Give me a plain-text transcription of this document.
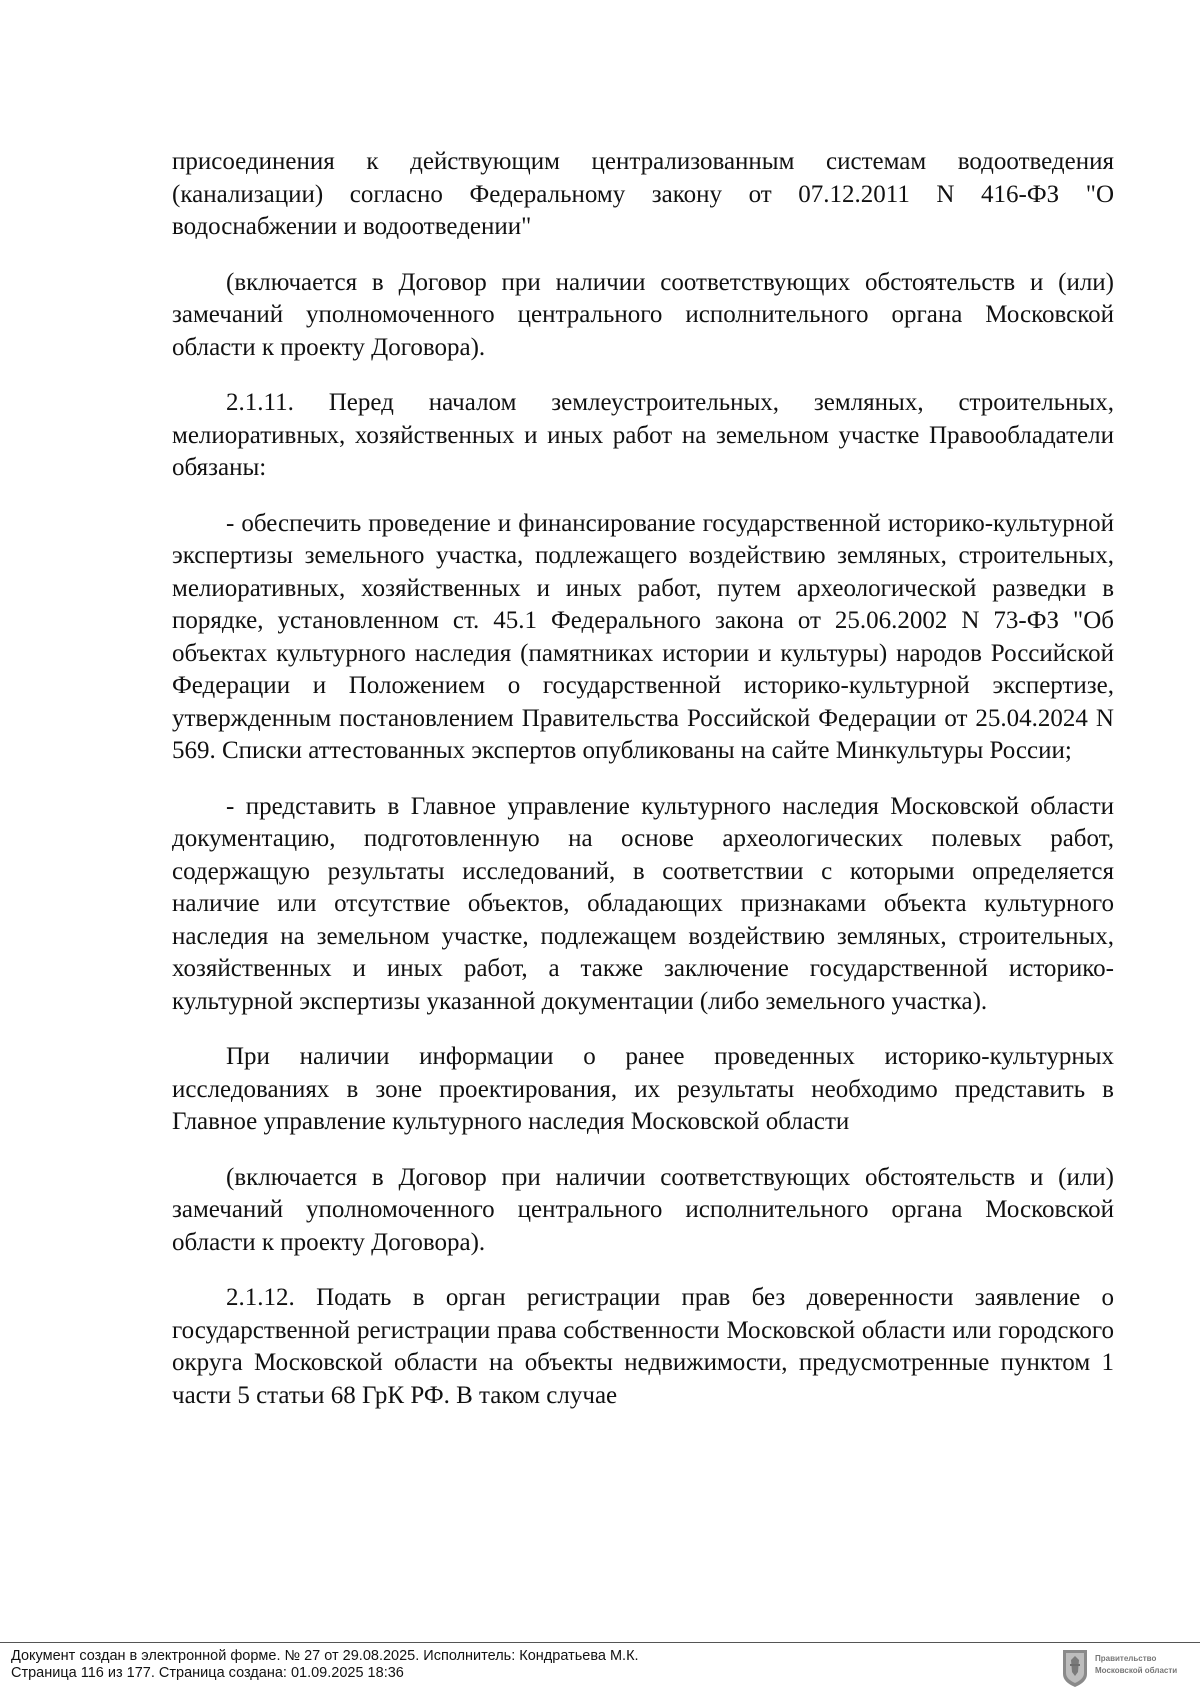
присоединения к действующим централизованным системам водоотведения (канализации) согласно Федеральному закону от 07.12.2011 N 416-ФЗ "О водоснабжении и водоотведении"

(включается в Договор при наличии соответствующих обстоятельств и (или) замечаний уполномоченного центрального исполнительного органа Московской области к проекту Договора).

2.1.11. Перед началом землеустроительных, земляных, строительных, мелиоративных, хозяйственных и иных работ на земельном участке Правообладатели обязаны:

- обеспечить проведение и финансирование государственной историко-культурной экспертизы земельного участка, подлежащего воздействию земляных, строительных, мелиоративных, хозяйственных и иных работ, путем археологической разведки в порядке, установленном ст. 45.1 Федерального закона от 25.06.2002 N 73-ФЗ "Об объектах культурного наследия (памятниках истории и культуры) народов Российской Федерации и Положением о государственной историко-культурной экспертизе, утвержденным постановлением Правительства Российской Федерации от 25.04.2024 N 569. Списки аттестованных экспертов опубликованы на сайте Минкультуры России;

- представить в Главное управление культурного наследия Московской области документацию, подготовленную на основе археологических полевых работ, содержащую результаты исследований, в соответствии с которыми определяется наличие или отсутствие объектов, обладающих признаками объекта культурного наследия на земельном участке, подлежащем воздействию земляных, строительных, хозяйственных и иных работ, а также заключение государственной историко-культурной экспертизы указанной документации (либо земельного участка).

При наличии информации о ранее проведенных историко-культурных исследованиях в зоне проектирования, их результаты необходимо представить в Главное управление культурного наследия Московской области

(включается в Договор при наличии соответствующих обстоятельств и (или) замечаний уполномоченного центрального исполнительного органа Московской области к проекту Договора).

2.1.12. Подать в орган регистрации прав без доверенности заявление о государственной регистрации права собственности Московской области или городского округа Московской области на объекты недвижимости, предусмотренные пунктом 1 части 5 статьи 68 ГрК РФ. В таком случае

Документ создан в электронной форме. № 27 от 29.08.2025. Исполнитель: Кондратьева М.К.
Страница 116 из 177. Страница создана: 01.09.2025 18:36
Правительство
Московской области
